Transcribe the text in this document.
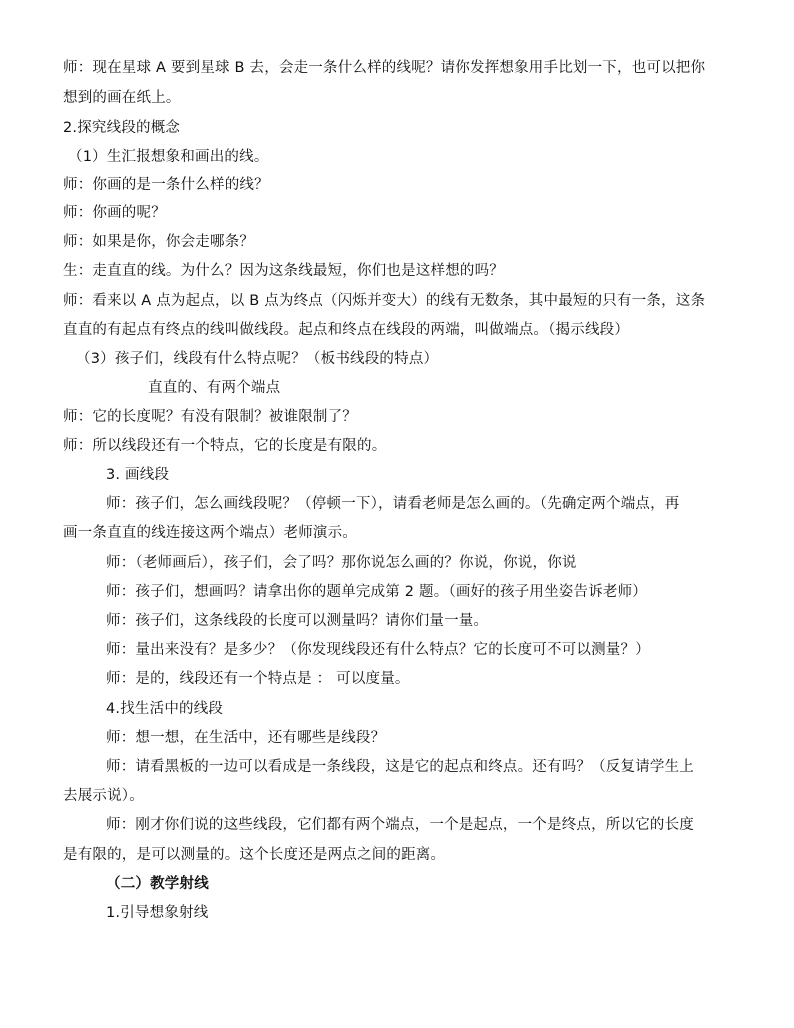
师：现在星球 A 要到星球 B 去，会走一条什么样的线呢？请你发挥想象用手比划一下，也可以把你
想到的画在纸上。
2.探究线段的概念
（1）生汇报想象和画出的线。
师：你画的是一条什么样的线？
师：你画的呢？
师：如果是你，你会走哪条？
生：走直直的线。为什么？因为这条线最短，你们也是这样想的吗？
师：看来以 A 点为起点，以 B 点为终点（闪烁并变大）的线有无数条，其中最短的只有一条，这条
直直的有起点有终点的线叫做线段。起点和终点在线段的两端，叫做端点。（揭示线段）
（3）孩子们，线段有什么特点呢？（板书线段的特点）
直直的、有两个端点
师：它的长度呢？有没有限制？被谁限制了？
师：所以线段还有一个特点，它的长度是有限的。
3. 画线段
师：孩子们，怎么画线段呢？（停顿一下），请看老师是怎么画的。（先确定两个端点，再
画一条直直的线连接这两个端点）老师演示。
师：（老师画后），孩子们，会了吗？那你说怎么画的？你说，你说，你说
师：孩子们，想画吗？请拿出你的题单完成第 2 题。（画好的孩子用坐姿告诉老师）
师：孩子们，这条线段的长度可以测量吗？请你们量一量。
师：量出来没有？是多少？（你发现线段还有什么特点？它的长度可不可以测量？）
师：是的，线段还有一个特点是 ： 可以度量。
4.找生活中的线段
师：想一想，在生活中，还有哪些是线段？
师：请看黑板的一边可以看成是一条线段，这是它的起点和终点。还有吗？（反复请学生上
去展示说）。
师：刚才你们说的这些线段，它们都有两个端点，一个是起点，一个是终点，所以它的长度
是有限的，是可以测量的。这个长度还是两点之间的距离。
（二）教学射线
1.引导想象射线
